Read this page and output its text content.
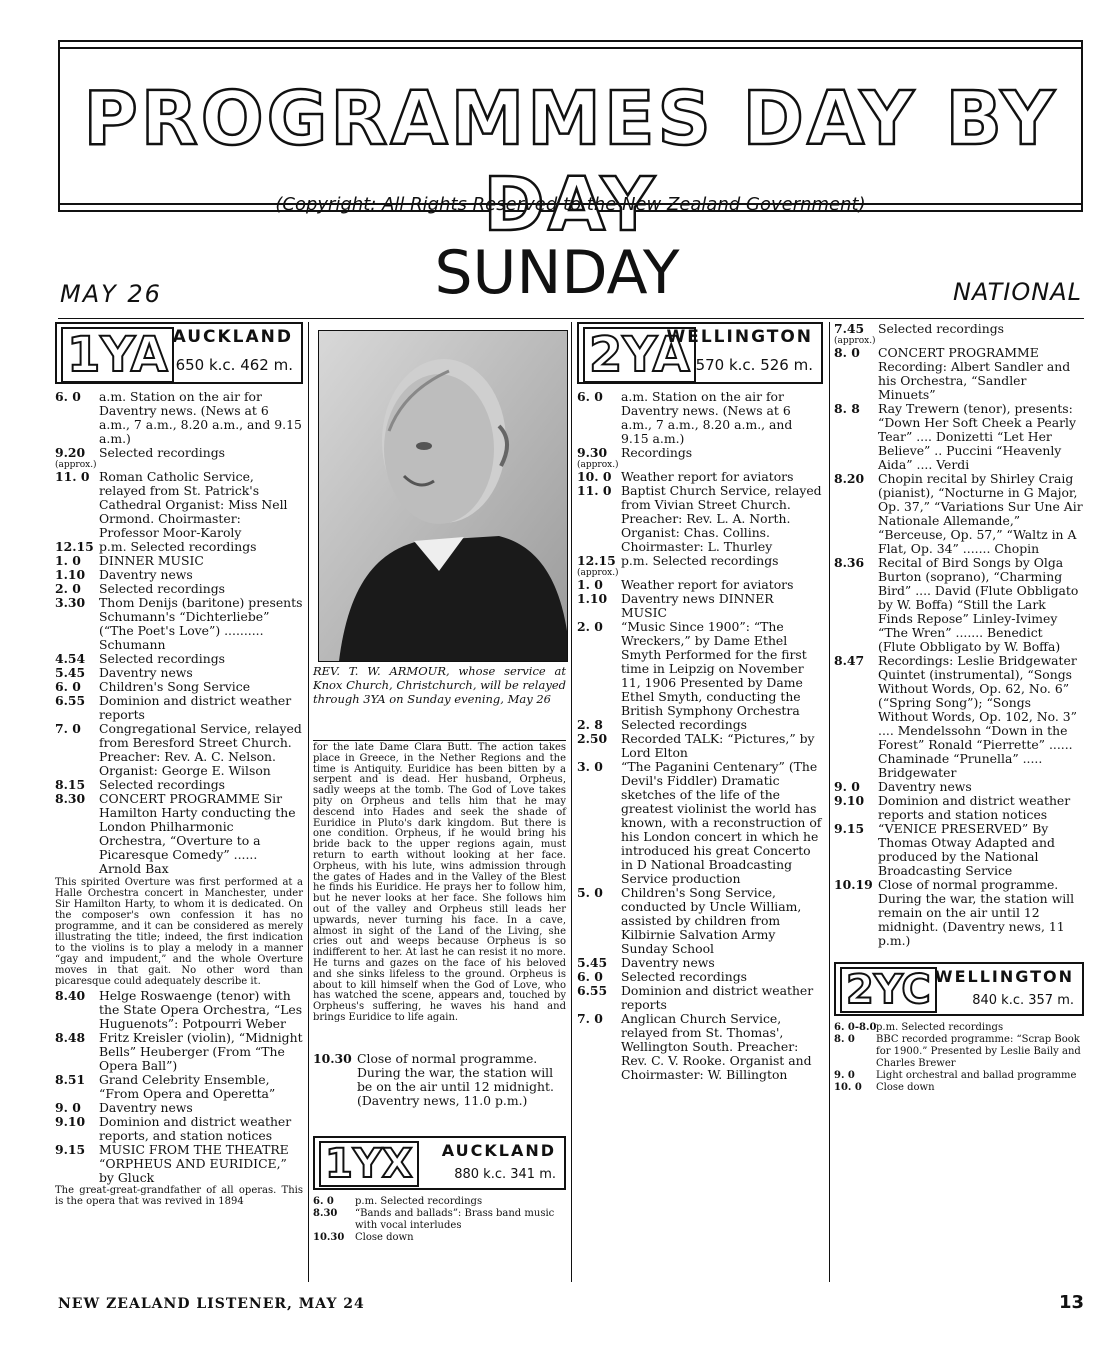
PROGRAMMES DAY BY DAY
(Copyright: All Rights Reserved to the New Zealand Government)
MAY 26	SUNDAY	NATIONAL
1YA AUCKLAND
650 k.c. 462 m.
6. 0	a.m. Station on the air for Daventry news. (News at 6 a.m., 7 a.m., 8.20 a.m., and 9.15 a.m.)
9.20	Selected recordings
(approx.)
11. 0 Roman Catholic Service, relayed from St. Patrick's Cathedral Organist: Miss Nell Ormond. Choirmaster: Professor Moor-Karoly
12.15 p.m. Selected recordings
1. 0	DINNER MUSIC
1.10	Daventry news
2. 0	Selected recordings
3.30	Thom Denijs (baritone) presents Schumann's “Dichterliebe” (“The Poet's Love”) .......... Schumann
4.54	Selected recordings
5.45	Daventry news
6. 0	Children's Song Service
6.55	Dominion and district weather reports
7. 0	Congregational Service, relayed from Beresford Street Church. Preacher: Rev. A. C. Nelson. Organist: George E. Wilson
8.15	Selected recordings
8.30	CONCERT PROGRAMME Sir Hamilton Harty conducting the London Philharmonic Orchestra, “Overture to a Picaresque Comedy” ...... Arnold Bax
This spirited Overture was first performed at a Halle Orchestra concert in Manchester, under Sir Hamilton Harty, to whom it is dedicated. On the composer's own confession it has no programme, and it can be considered as merely illustrating the title; indeed, the first indication to the violins is to play a melody in a manner “gay and impudent,” and the whole Overture moves in that gait. No other word than picaresque could adequately describe it.
8.40	Helge Roswaenge (tenor) with the State Opera Orchestra, “Les Huguenots”: Potpourri Weber
8.48	Fritz Kreisler (violin), “Midnight Bells” Heuberger (From “The Opera Ball”)
8.51	Grand Celebrity Ensemble, “From Opera and Operetta”
9. 0	Daventry news
9.10	Dominion and district weather reports, and station notices
9.15	MUSIC FROM THE THEATRE “ORPHEUS AND EURIDICE,” by Gluck
The great-great-grandfather of all operas. This is the opera that was revived in 1894
REV. T. W. ARMOUR, whose service at Knox Church, Christchurch, will be relayed through 3YA on Sunday evening, May 26
for the late Dame Clara Butt. The action takes place in Greece, in the Nether Regions and the time is Antiquity. Euridice has been bitten by a serpent and is dead. Her husband, Orpheus, sadly weeps at the tomb. The God of Love takes pity on Orpheus and tells him that he may descend into Hades and seek the shade of Euridice in Pluto's dark kingdom. But there is one condition. Orpheus, if he would bring his bride back to the upper regions again, must return to earth without looking at her face. Orpheus, with his lute, wins admission through the gates of Hades and in the Valley of the Blest he finds his Euridice. He prays her to follow him, but he never looks at her face. She follows him out of the valley and Orpheus still leads her upwards, never turning his face. In a cave, almost in sight of the Land of the Living, she cries out and weeps because Orpheus is so indifferent to her. At last he can resist it no more. He turns and gazes on the face of his beloved and she sinks lifeless to the ground. Orpheus is about to kill himself when the God of Love, who has watched the scene, appears and, touched by Orpheus's suffering, he waves his hand and brings Euridice to life again.
10.30 Close of normal programme. During the war, the station will be on the air until 12 midnight. (Daventry news, 11.0 p.m.)
1YX	AUCKLAND
880 k.c. 341 m.
6. 0	p.m. Selected recordings
8.30	“Bands and ballads”: Brass band music with vocal interludes
10.30	Close down
2YA
WELLINGTON
570 k.c. 526 m.
6. 0	a.m. Station on the air for Daventry news. (News at 6 a.m., 7 a.m., 8.20 a.m., and 9.15 a.m.)
9.30	Recordings
(approx.)
10. 0 Weather report for aviators
11. 0 Baptist Church Service, relayed from Vivian Street Church. Preacher: Rev. L. A. North. Organist: Chas. Collins. Choirmaster: L. Thurley
12.15 p.m. Selected recordings
(approx.)
1. 0	Weather report for aviators
1.10	Daventry news DINNER MUSIC
2. 0	“Music Since 1900”: “The Wreckers,” by Dame Ethel Smyth Performed for the first time in Leipzig on November 11, 1906 Presented by Dame Ethel Smyth, conducting the British Symphony Orchestra
2. 8	Selected recordings
2.50	Recorded TALK: “Pictures,” by Lord Elton
3. 0	“The Paganini Centenary” (The Devil's Fiddler) Dramatic sketches of the life of the greatest violinist the world has known, with a reconstruction of his London concert in which he introduced his great Concerto in D National Broadcasting Service production
5. 0	Children's Song Service, conducted by Uncle William, assisted by children from Kilbirnie Salvation Army Sunday School
5.45	Daventry news
6. 0	Selected recordings
6.55	Dominion and district weather reports
7. 0	Anglican Church Service, relayed from St. Thomas', Wellington South. Preacher: Rev. C. V. Rooke. Organist and Choirmaster: W. Billington
7.45	Selected recordings
(approx.)
8. 0	CONCERT PROGRAMME Recording: Albert Sandler and his Orchestra, “Sandler Minuets”
8. 8	Ray Trewern (tenor), presents: “Down Her Soft Cheek a Pearly Tear” .... Donizetti “Let Her Believe” .. Puccini “Heavenly Aida” .... Verdi
8.20	Chopin recital by Shirley Craig (pianist), “Nocturne in G Major, Op. 37,” “Variations Sur Une Air Nationale Allemande,” “Berceuse, Op. 57,” “Waltz in A Flat, Op. 34” ....... Chopin
8.36	Recital of Bird Songs by Olga Burton (soprano), “Charming Bird” .... David (Flute Obbligato by W. Boffa) “Still the Lark Finds Repose” Linley-Ivimey “The Wren” ....... Benedict (Flute Obbligato by W. Boffa)
8.47	Recordings: Leslie Bridgewater Quintet (instrumental), “Songs Without Words, Op. 62, No. 6” (“Spring Song”); “Songs Without Words, Op. 102, No. 3” .... Mendelssohn “Down in the Forest” Ronald “Pierrette” ...... Chaminade “Prunella” ..... Bridgewater
9. 0	Daventry news
9.10	Dominion and district weather reports and station notices
9.15	“VENICE PRESERVED” By Thomas Otway Adapted and produced by the National Broadcasting Service
10.19 Close of normal programme. During the war, the station will remain on the air until 12 midnight. (Daventry news, 11 p.m.)
2YC WELLINGTON
840 k.c. 357 m.
6. 0-8.0 p.m. Selected recordings
8. 0	BBC recorded programme: “Scrap Book for 1900.” Presented by Leslie Baily and Charles Brewer
9. 0	Light orchestral and ballad programme
10. 0	Close down
NEW ZEALAND LISTENER, MAY 24	13
